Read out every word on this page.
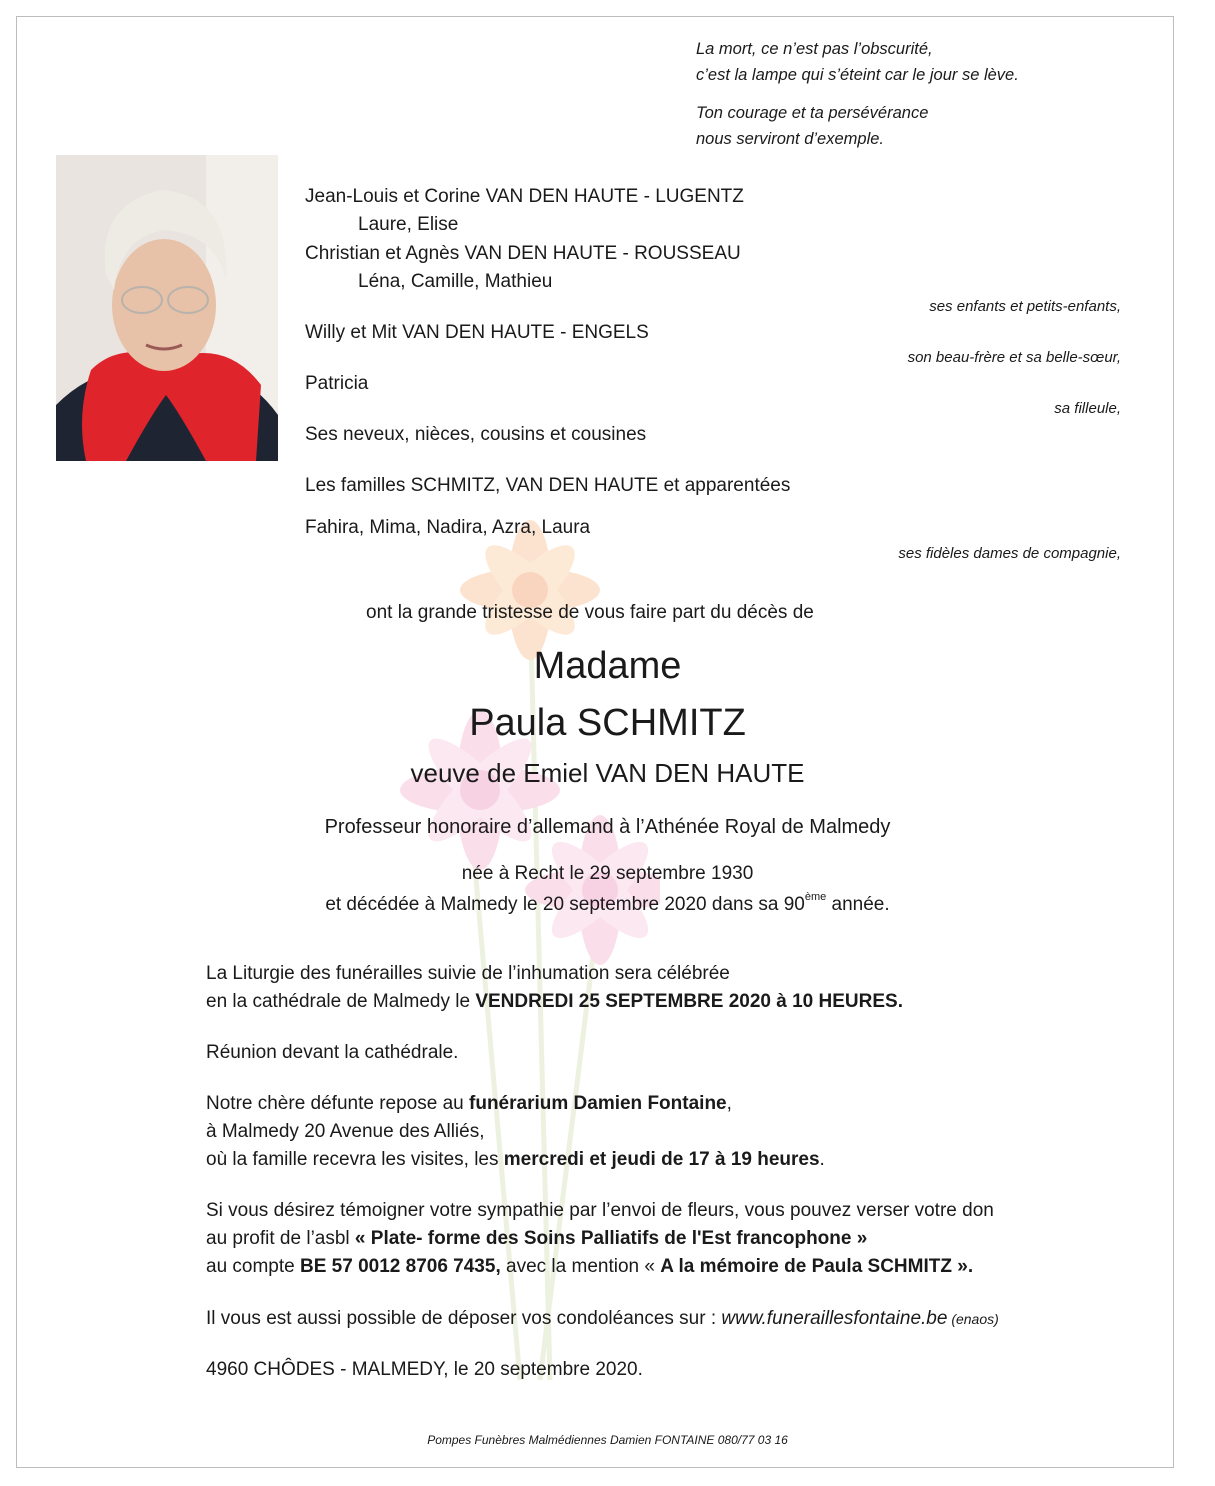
La mort, ce n’est pas l’obscurité,
c’est la lampe qui s’éteint car le jour se lève.
Ton courage et ta persévérance
nous serviront d’exemple.
Jean-Louis et Corine VAN DEN HAUTE - LUGENTZ
Laure, Elise
Christian et Agnès VAN DEN HAUTE - ROUSSEAU
Léna, Camille, Mathieu
ses enfants et petits-enfants,
Willy et Mit VAN DEN HAUTE - ENGELS
son beau-frère et sa belle-sœur,
Patricia
sa filleule,
Ses neveux, nièces, cousins et cousines
Les familles SCHMITZ, VAN DEN HAUTE et apparentées
Fahira, Mima, Nadira, Azra, Laura
ses fidèles dames de compagnie,
ont la grande tristesse de vous faire part du décès de
Madame
Paula SCHMITZ
veuve de Emiel VAN DEN HAUTE
Professeur honoraire d’allemand à l’Athénée Royal de Malmedy
née à Recht le 29 septembre 1930
et décédée à Malmedy le 20 septembre 2020 dans sa 90ème année.
La Liturgie des funérailles suivie de l’inhumation sera célébrée
en la cathédrale de Malmedy le VENDREDI 25 SEPTEMBRE 2020 à 10 HEURES.
Réunion devant la cathédrale.
Notre chère défunte repose au funérarium Damien Fontaine,
à Malmedy 20 Avenue des Alliés,
où la famille recevra les visites, les mercredi et jeudi de 17 à 19 heures.
Si vous désirez témoigner votre sympathie par l’envoi de fleurs, vous pouvez verser votre don
au profit de l’asbl « Plate- forme des Soins Palliatifs de l'Est francophone »
au compte BE 57 0012 8706 7435, avec la mention « A la mémoire de Paula SCHMITZ ».
Il vous est aussi possible de déposer vos condoléances sur : www.funeraillesfontaine.be (enaos)
4960 CHÔDES - MALMEDY, le 20 septembre 2020.
Pompes Funèbres Malmédiennes Damien FONTAINE 080/77 03 16
